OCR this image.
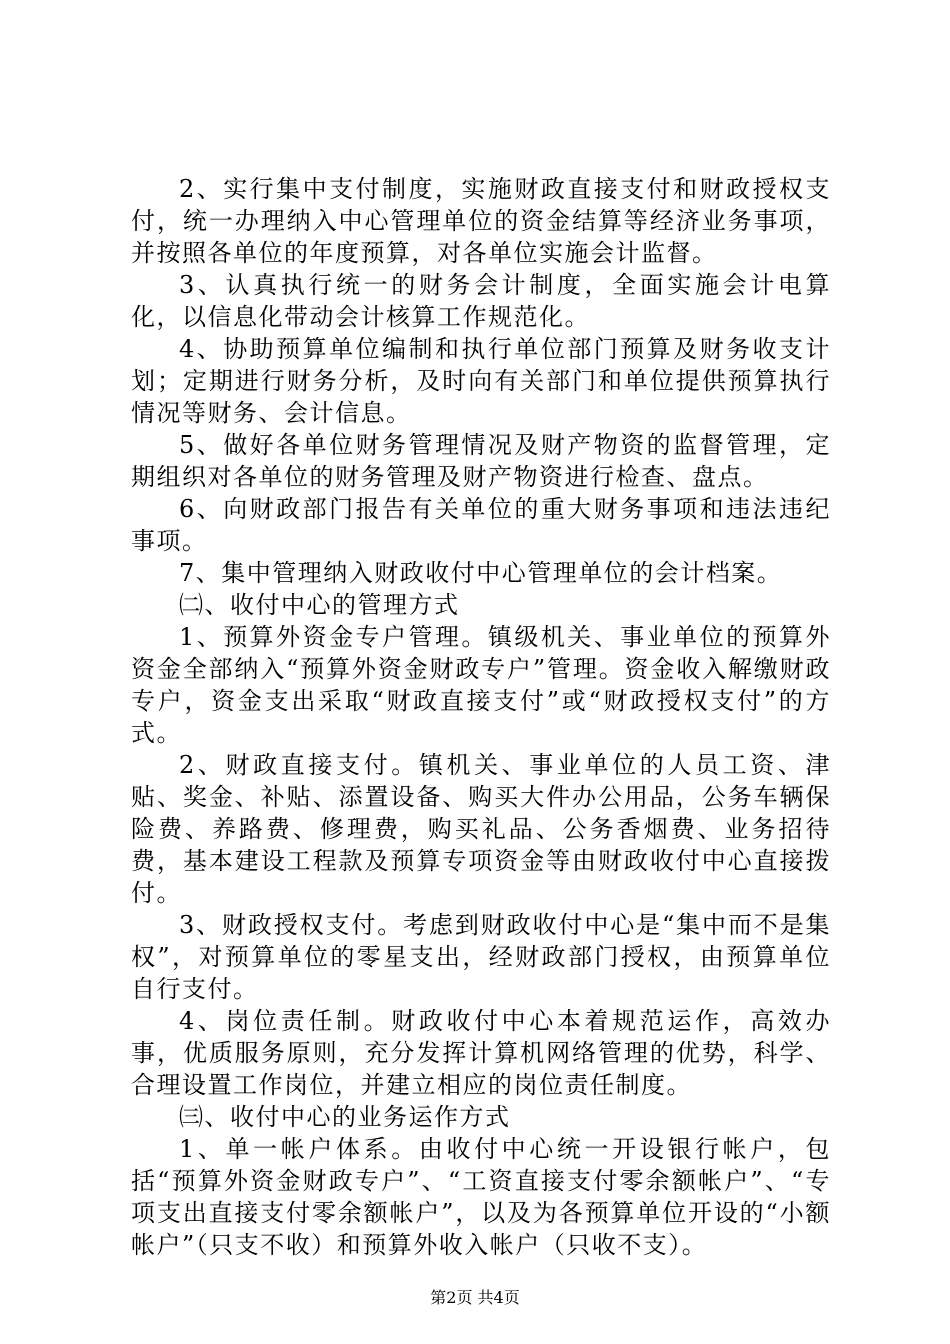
2、实行集中支付制度，实施财政直接支付和财政授权支付，统一办理纳入中心管理单位的资金结算等经济业务事项，并按照各单位的年度预算，对各单位实施会计监督。

3、认真执行统一的财务会计制度，全面实施会计电算化，以信息化带动会计核算工作规范化。

4、协助预算单位编制和执行单位部门预算及财务收支计划；定期进行财务分析，及时向有关部门和单位提供预算执行情况等财务、会计信息。

5、做好各单位财务管理情况及财产物资的监督管理，定期组织对各单位的财务管理及财产物资进行检查、盘点。

6、向财政部门报告有关单位的重大财务事项和违法违纪事项。

7、集中管理纳入财政收付中心管理单位的会计档案。

㈡、收付中心的管理方式

1、预算外资金专户管理。镇级机关、事业单位的预算外资金全部纳入“预算外资金财政专户”管理。资金收入解缴财政专户，资金支出采取“财政直接支付”或“财政授权支付”的方式。

2、财政直接支付。镇机关、事业单位的人员工资、津贴、奖金、补贴、添置设备、购买大件办公用品，公务车辆保险费、养路费、修理费，购买礼品、公务香烟费、业务招待费，基本建设工程款及预算专项资金等由财政收付中心直接拨付。

3、财政授权支付。考虑到财政收付中心是“集中而不是集权”，对预算单位的零星支出，经财政部门授权，由预算单位自行支付。

4、岗位责任制。财政收付中心本着规范运作，高效办事，优质服务原则，充分发挥计算机网络管理的优势，科学、合理设置工作岗位，并建立相应的岗位责任制度。

㈢、收付中心的业务运作方式

1、单一帐户体系。由收付中心统一开设银行帐户，包括“预算外资金财政专户”、“工资直接支付零余额帐户”、“专项支出直接支付零余额帐户”，以及为各预算单位开设的“小额帐户”（只支不收）和预算外收入帐户（只收不支）。

第2页 共4页
